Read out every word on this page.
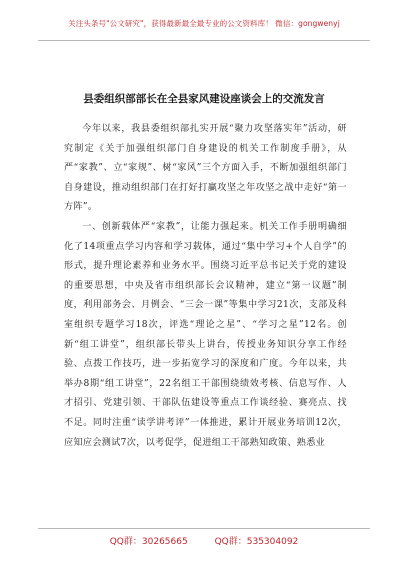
关注头条号"公文研究"，获得最新最全最专业的公文资料库！ 微信：gongwenyj
县委组织部部长在全县家风建设座谈会上的交流发言

今年以来，我县委组织部扎实开展“聚力攻坚落实年”活动，研究制定《关于加强组织部门自身建设的机关工作制度手册》，从严“家教”、立“家规”、树“家风”三个方面入手，不断加强组织部门自身建设，推动组织部门在打好打赢攻坚之年攻坚之战中走好“第一方阵”。

一、创新载体严“家教”，让能力强起来。机关工作手册明确细化了14项重点学习内容和学习载体，通过“集中学习+个人自学”的形式，提升理论素养和业务水平。围绕习近平总书记关于党的建设的重要思想，中央及省市组织部长会议精神，建立“第一议题”制度，利用部务会、月例会、“三会一课”等集中学习21次，支部及科室组织专题学习18次，评选“理论之星”、“学习之星”12名。创新“组工讲堂”，组织部长带头上讲台，传授业务知识分享工作经验、点拨工作技巧，进一步拓宽学习的深度和广度。今年以来，共举办8期“组工讲堂”，22名组工干部围绕绩效考核、信息写作、人才招引、党建引领、干部队伍建设等重点工作谈经验、赛亮点、找不足。同时注重“读学讲考评”一体推进，累计开展业务培训12次，应知应会测试7次，以考促学，促进组工干部熟知政策、熟悉业

QQ群：30265665	QQ群：535304092
